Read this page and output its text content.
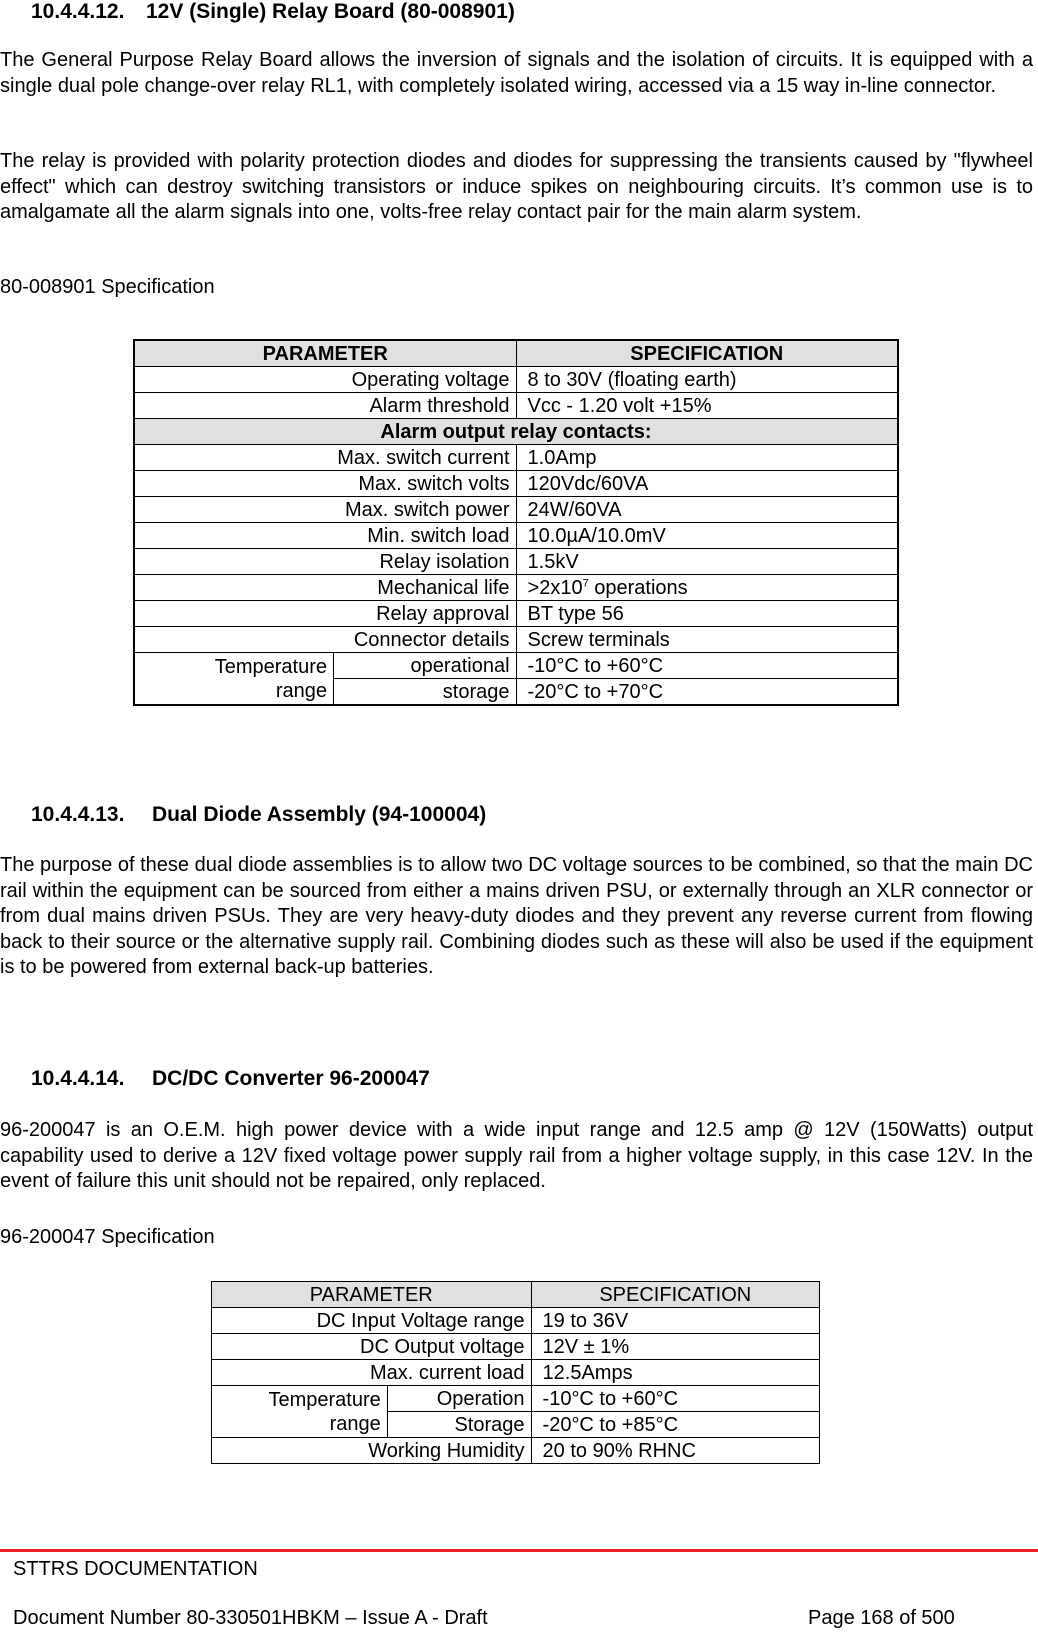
10.4.4.12. 12V (Single) Relay Board (80-008901)
The General Purpose Relay Board allows the inversion of signals and the isolation of circuits. It is equipped with a single dual pole change-over relay RL1, with completely isolated wiring, accessed via a 15 way in-line connector.
The relay is provided with polarity protection diodes and diodes for suppressing the transients caused by "flywheel effect" which can destroy switching transistors or induce spikes on neighbouring circuits. It’s common use is to amalgamate all the alarm signals into one, volts-free relay contact pair for the main alarm system.
80-008901 Specification
PARAMETER		SPECIFICATION
Operating voltage		8 to 30V (floating earth)
Alarm threshold		Vcc - 1.20 volt +15%
Alarm output relay contacts:		
Max. switch current		1.0Amp
Max. switch volts		120Vdc/60VA
Max. switch power		24W/60VA
Min. switch load		10.0µA/10.0mV
Relay isolation		1.5kV
Mechanical life		$>2x10^7$ operations
Relay approval		BT type 56
Connector details		Screw terminals
Temperature
range	operational	-10°C to +60°C
	storage	-20°C to +70°C
10.4.4.13. Dual Diode Assembly (94-100004)
The purpose of these dual diode assemblies is to allow two DC voltage sources to be combined, so that the main DC rail within the equipment can be sourced from either a mains driven PSU, or externally through an XLR connector or from dual mains driven PSUs. They are very heavy-duty diodes and they prevent any reverse current from flowing back to their source or the alternative supply rail. Combining diodes such as these will also be used if the equipment is to be powered from external back-up batteries.
10.4.4.14. DC/DC Converter 96-200047
96-200047 is an O.E.M. high power device with a wide input range and 12.5 amp @ 12V (150Watts) output capability used to derive a 12V fixed voltage power supply rail from a higher voltage supply, in this case 12V. In the event of failure this unit should not be repaired, only replaced.
96-200047 Specification
PARAMETER		SPECIFICATION
DC Input Voltage range		19 to 36V
DC Output voltage		12V ± 1%
Max. current load		12.5Amps
Temperature
range	Operation	-10°C to +60°C
	Storage	-20°C to +85°C
Working Humidity		20 to 90% RHNC
STTRS DOCUMENTATION
Document Number 80-330501HBKM – Issue A - Draft	Page 168 of 500
